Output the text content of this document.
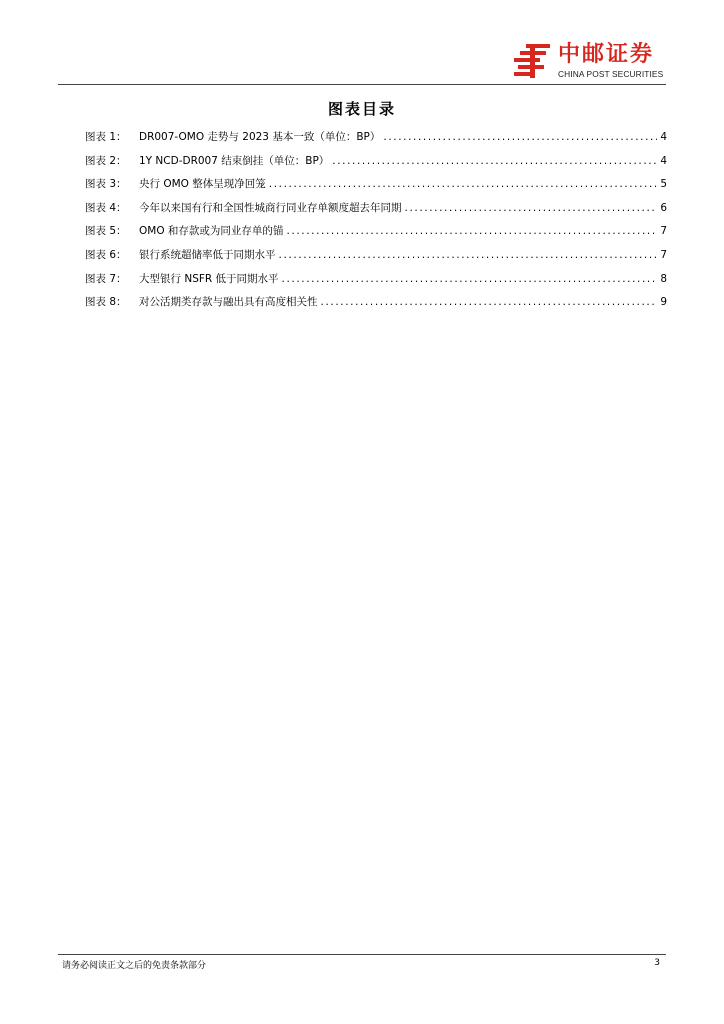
中邮证券
CHINA POST SECURITIES
图表目录
图表 1：	DR007-OMO 走势与 2023 基本一致（单位：BP） .....	4
图表 2：	1Y NCD-DR007 结束倒挂（单位：BP） .....	4
图表 3：	央行 OMO 整体呈现净回笼 .....	5
图表 4：	今年以来国有行和全国性城商行同业存单额度超去年同期 .....	6
图表 5：	OMO 和存款或为同业存单的锚 .....	7
图表 6：	银行系统超储率低于同期水平 .....	7
图表 7：	大型银行 NSFR 低于同期水平 .....	8
图表 8：	对公活期类存款与融出具有高度相关性 .....	9
请务必阅读正文之后的免责条款部分	3
